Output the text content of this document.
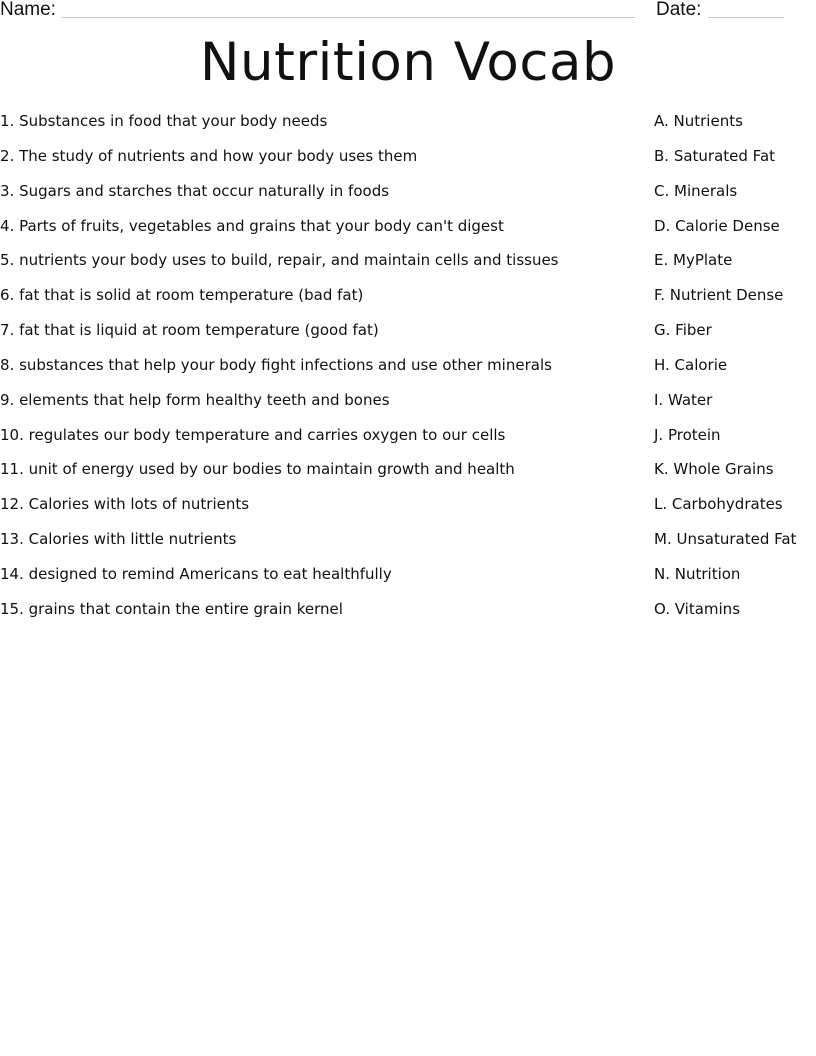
Name:	Date:
Nutrition Vocab
1. Substances in food that your body needs
2. The study of nutrients and how your body uses them
3. Sugars and starches that occur naturally in foods
4. Parts of fruits, vegetables and grains that your body can't digest
5. nutrients your body uses to build, repair, and maintain cells and tissues
6. fat that is solid at room temperature (bad fat)
7. fat that is liquid at room temperature (good fat)
8. substances that help your body fight infections and use other minerals
9. elements that help form healthy teeth and bones
10. regulates our body temperature and carries oxygen to our cells
11. unit of energy used by our bodies to maintain growth and health
12. Calories with lots of nutrients
13. Calories with little nutrients
14. designed to remind Americans to eat healthfully
15. grains that contain the entire grain kernel
A. Nutrients
B. Saturated Fat
C. Minerals
D. Calorie Dense
E. MyPlate
F. Nutrient Dense
G. Fiber
H. Calorie
I. Water
J. Protein
K. Whole Grains
L. Carbohydrates
M. Unsaturated Fat
N. Nutrition
O. Vitamins
